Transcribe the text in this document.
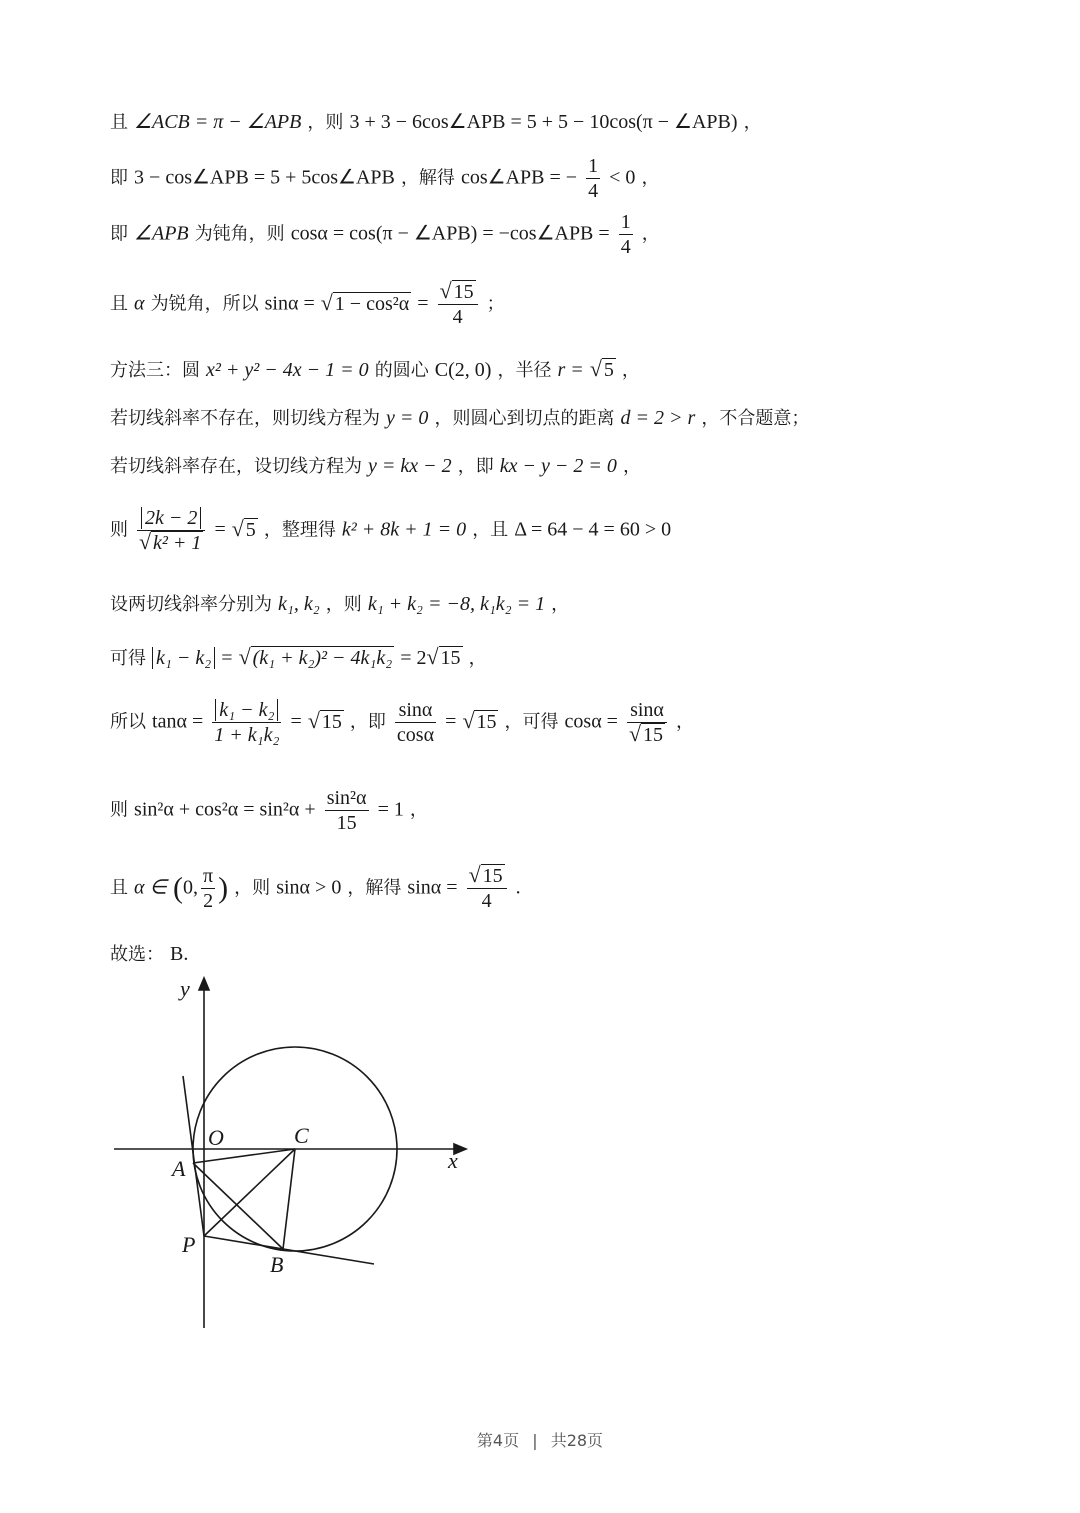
且 ∠ACB = π − ∠APB ，则 3 + 3 − 6cos∠APB = 5 + 5 − 10cos(π − ∠APB) ，
即 3 − cos∠APB = 5 + 5cos∠APB ，解得 cos∠APB = − $\frac{1}{4} < 0$ ，
即 ∠APB 为钝角，则 cosα = cos(π − ∠APB) = −cos∠APB = $\frac{1}{4}$ ，
且 α 为锐角，所以 sinα = √ 1 − cos²α = √ $\frac{15}{4}$ ；
方法三：圆 x² + y² − 4x − 1 = 0 的圆心 C(2, 0) ，半径 r = √ 5 ，
若切线斜率不存在，则切线方程为 y = 0 ，则圆心到切点的距离 d = 2 > r ，不合题意；
若切线斜率存在，设切线方程为 y = kx − 2 ，即 kx − y − 2 = 0 ，
则 2k − 2
√ k² + 1 = √ 5 ，整理得 k² + 8k + 1 = 0 ，且 Δ = 64 − 4 = 60 > 0
设两切线斜率分别为 k₁, k₂ ，则 k₁ + k₂ = −8, k₁k₂ = 1 ，
可得 k₁ − k₂ = √ (k₁ + k₂)² − 4k₁k₂ = 2 √ 15 ，
所以 $\tan\alpha = \frac{\text{k₁ − k₂}}{\text{1 + k₁k₂}}$ = √ 15 ，即 $\frac{\sin\alpha}{\cos\alpha}$ = √ 15 ，可得 cosα = sinα
√ 15 ，
则 $\sin^2\alpha + \cos^2\alpha = \sin^2\alpha + \frac{\text{sin²α}}{15} = 1$ ，
且 α ∈ (0, $\frac{\pi}{2}$ ) ，则 sinα > 0 ，解得 sinα = √ $\frac{15}{4}$ .
故选： B.
y
x
O	C
A
P
B
第4页 | 共28页
